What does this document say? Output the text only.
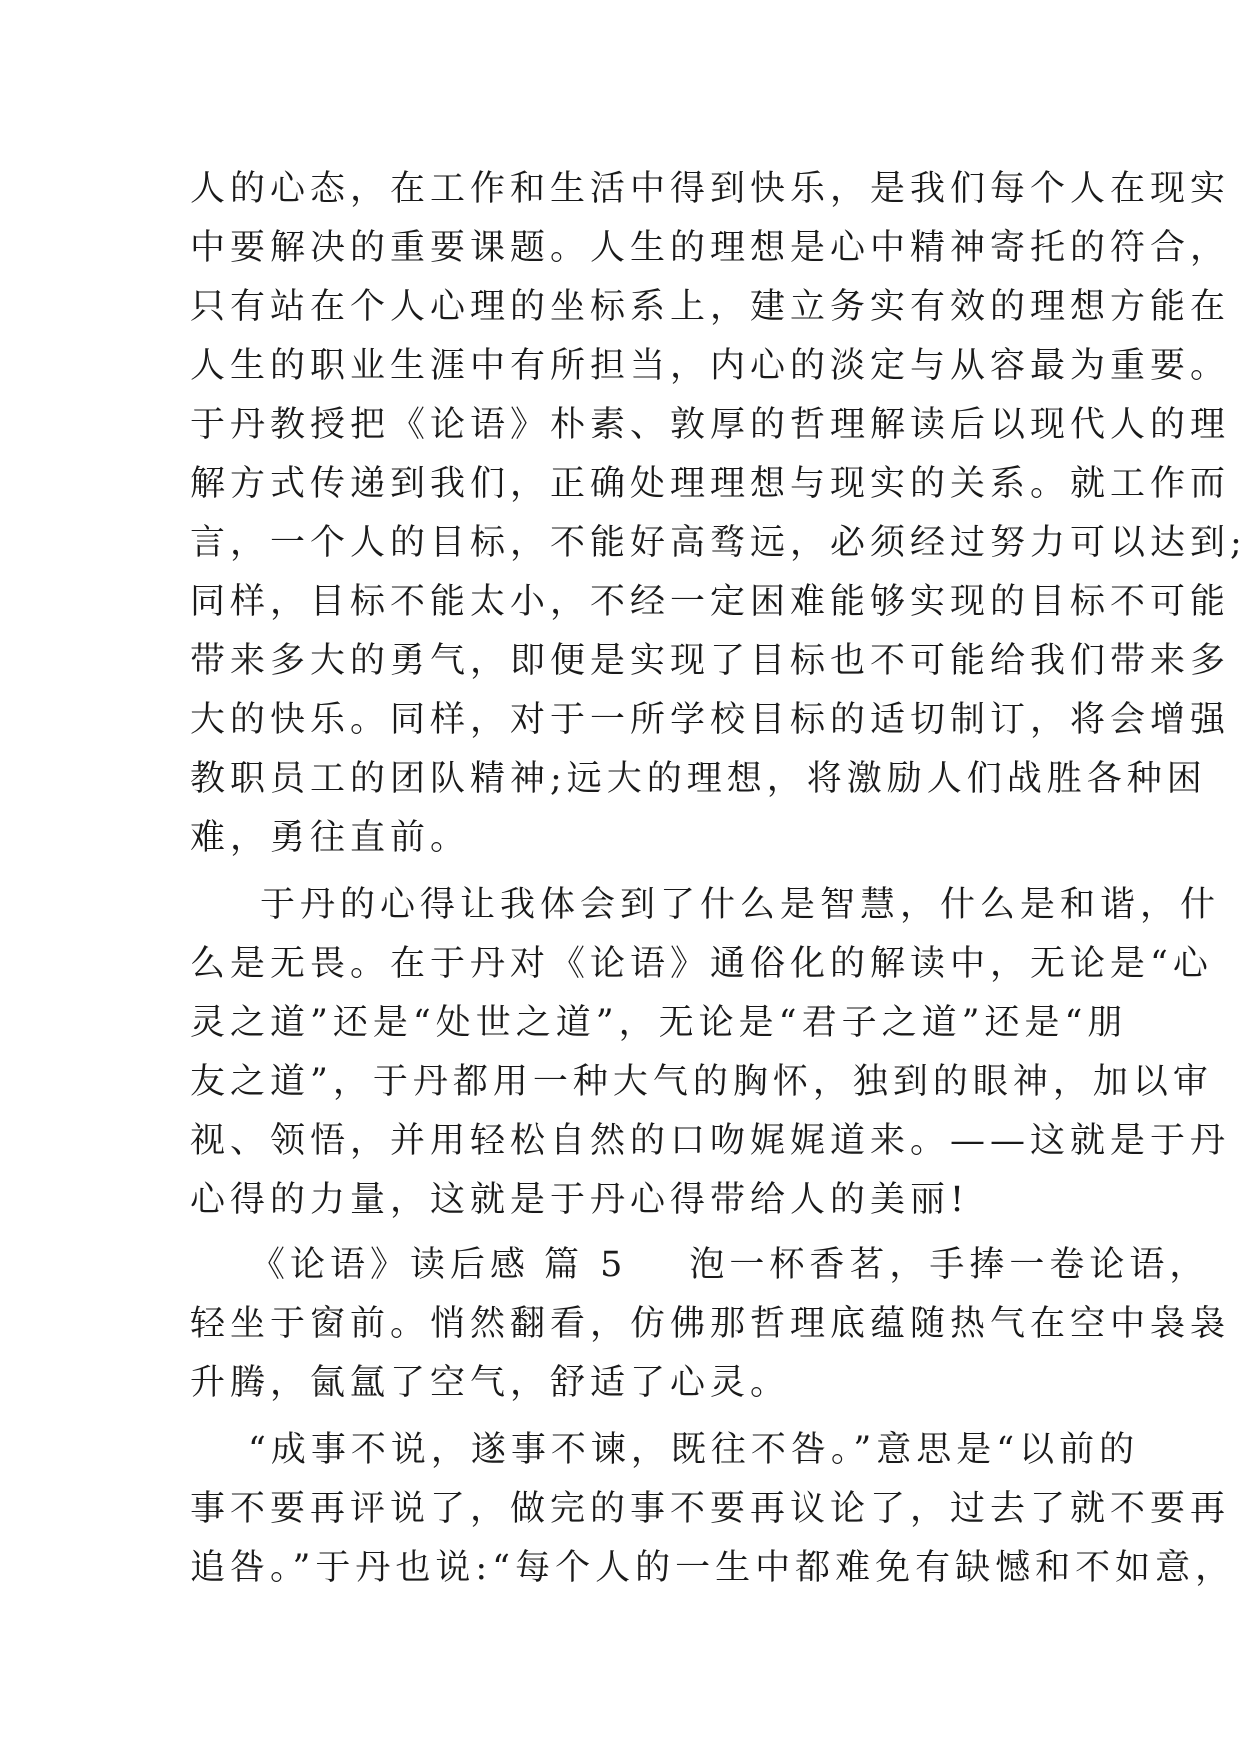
人的心态，在工作和生活中得到快乐，是我们每个人在现实
中要解决的重要课题。人生的理想是心中精神寄托的符合，
只有站在个人心理的坐标系上，建立务实有效的理想方能在
人生的职业生涯中有所担当，内心的淡定与从容最为重要。
于丹教授把《论语》朴素、敦厚的哲理解读后以现代人的理
解方式传递到我们，正确处理理想与现实的关系。就工作而
言，一个人的目标，不能好高骛远，必须经过努力可以达到;
同样，目标不能太小，不经一定困难能够实现的目标不可能
带来多大的勇气，即便是实现了目标也不可能给我们带来多
大的快乐。同样，对于一所学校目标的适切制订，将会增强
教职员工的团队精神;远大的理想，将激励人们战胜各种困
难，勇往直前。
于丹的心得让我体会到了什么是智慧，什么是和谐，什
么是无畏。在于丹对《论语》通俗化的解读中，无论是“心
灵之道”还是“处世之道”，无论是“君子之道”还是“朋
友之道”，于丹都用一种大气的胸怀，独到的眼神，加以审
视、领悟，并用轻松自然的口吻娓娓道来。——这就是于丹
心得的力量，这就是于丹心得带给人的美丽!
《论语》读后感 篇 5 泡一杯香茗，手捧一卷论语，
轻坐于窗前。悄然翻看，仿佛那哲理底蕴随热气在空中袅袅
升腾，氤氲了空气，舒适了心灵。
“成事不说，遂事不谏，既往不咎。”意思是“以前的
事不要再评说了，做完的事不要再议论了，过去了就不要再
追咎。”于丹也说:“每个人的一生中都难免有缺憾和不如意，
